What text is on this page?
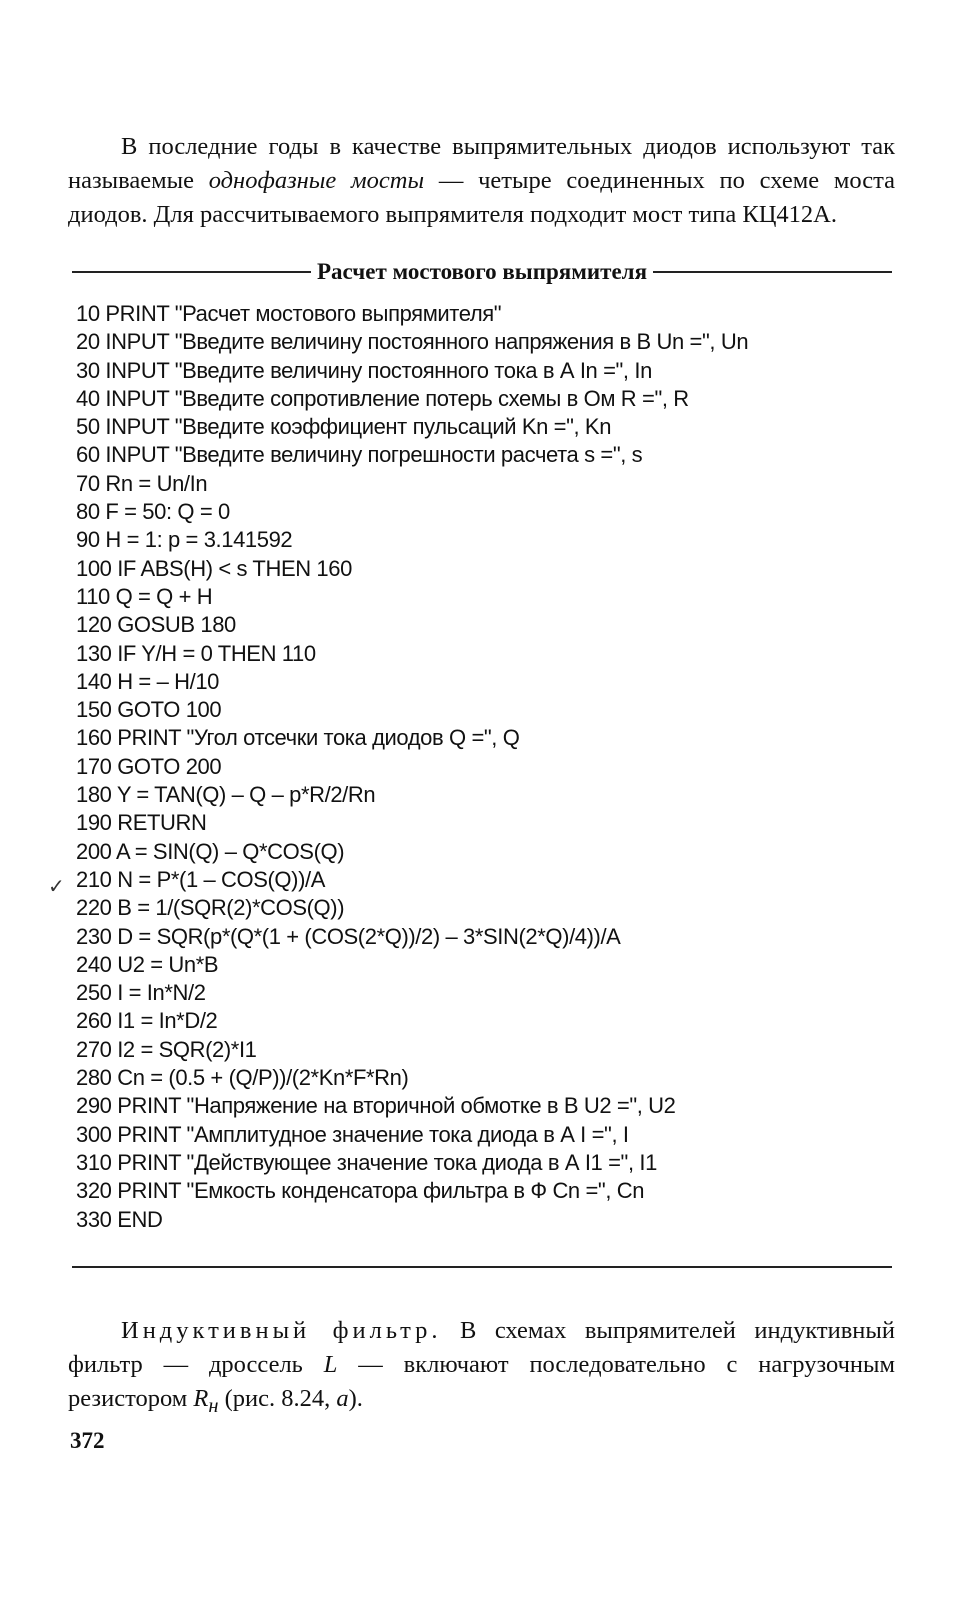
В последние годы в качестве выпрямительных диодов используют так называемые однофазные мосты — четыре соединенных по схеме моста диодов. Для рассчитываемого выпрямителя подходит мост типа КЦ412А.

Расчет мостового выпрямителя
10 PRINT "Расчет мостового выпрямителя"
20 INPUT "Введите величину постоянного напряжения в В Un =", Un
30 INPUT "Введите величину постоянного тока в А In =", In
40 INPUT "Введите сопротивление потерь схемы в Ом R =", R
50 INPUT "Введите коэффициент пульсаций Kn =", Kn
60 INPUT "Введите величину погрешности расчета s =", s
70 Rn = Un/In
80 F = 50: Q = 0
90 H = 1: p = 3.141592
100 IF ABS(H) < s THEN 160
110 Q = Q + H
120 GOSUB 180
130 IF Y/H = 0 THEN 110
140 H = – H/10
150 GOTO 100
160 PRINT "Угол отсечки тока диодов Q =", Q
170 GOTO 200
180 Y = TAN(Q) – Q – p*R/2/Rn
190 RETURN
200 A = SIN(Q) – Q*COS(Q)
210 N = P*(1 – COS(Q))/A
220 B = 1/(SQR(2)*COS(Q))
230 D = SQR(p*(Q*(1 + (COS(2*Q))/2) – 3*SIN(2*Q)/4))/A
240 U2 = Un*B
250 I = In*N/2
260 I1 = In*D/2
270 I2 = SQR(2)*I1
280 Cn = (0.5 + (Q/P))/(2*Kn*F*Rn)
290 PRINT "Напряжение на вторичной обмотке в В U2 =", U2
300 PRINT "Амплитудное значение тока диода в А I =", I
310 PRINT "Действующее значение тока диода в А I1 =", I1
320 PRINT "Емкость конденсатора фильтра в Ф Cn =", Cn
330 END
✓

Индуктивный фильтр. В схемах выпрямителей индуктивный фильтр — дроссель L — включают последовательно с нагрузочным резистором $R_н$ (рис. 8.24, а).

372
